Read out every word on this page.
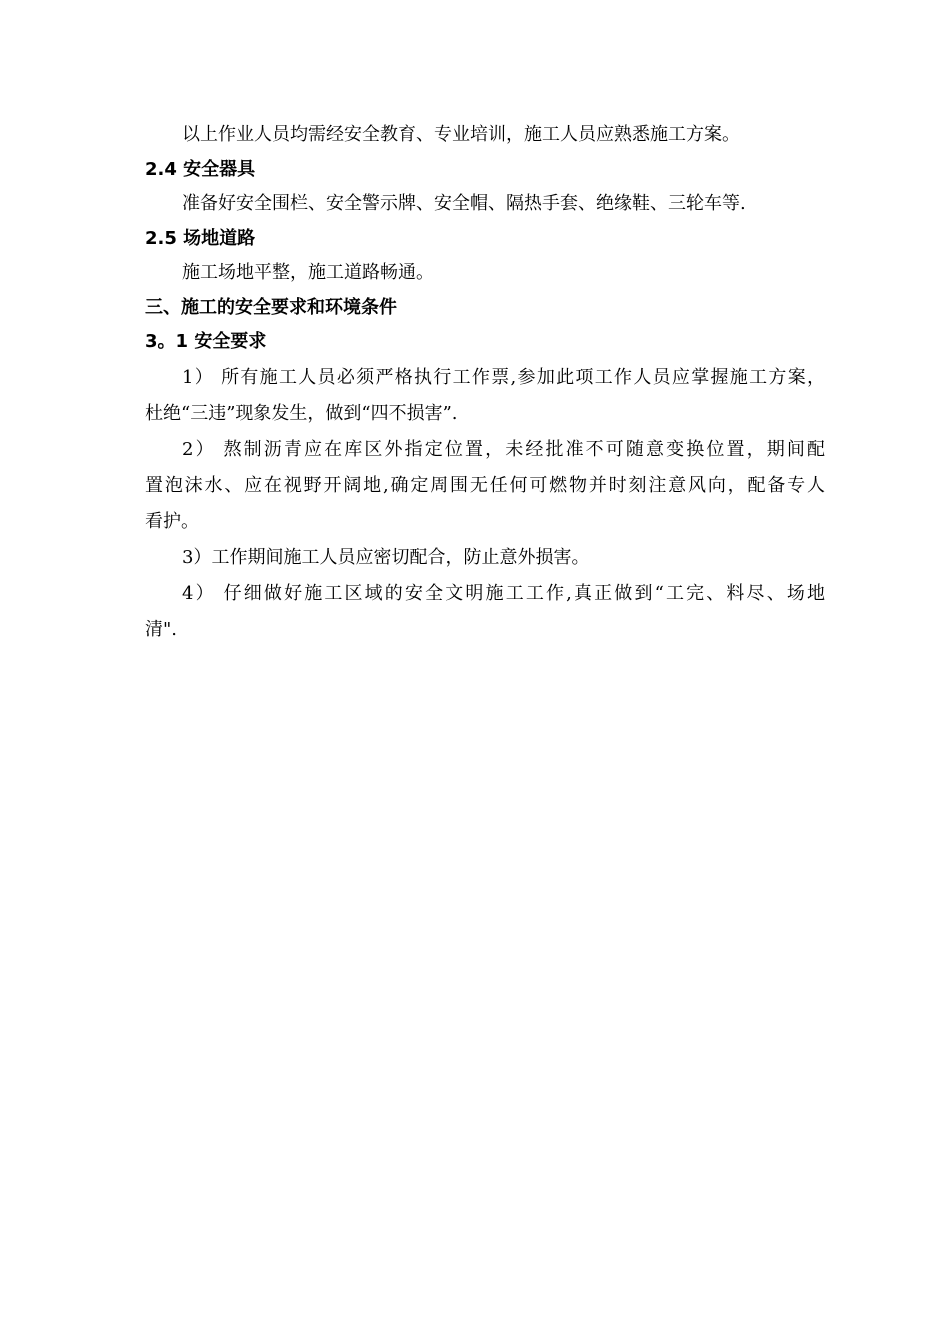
以上作业人员均需经安全教育、专业培训，施工人员应熟悉施工方案。
2.4 安全器具
准备好安全围栏、安全警示牌、安全帽、隔热手套、绝缘鞋、三轮车等.
2.5 场地道路
施工场地平整，施工道路畅通。
三、施工的安全要求和环境条件
3。1 安全要求
1） 所有施工人员必须严格执行工作票,参加此项工作人员应掌握施工方案，
杜绝“三违”现象发生，做到“四不损害”.
2） 熬制沥青应在库区外指定位置，未经批准不可随意变换位置，期间配
置泡沫水、应在视野开阔地,确定周围无任何可燃物并时刻注意风向，配备专人
看护。
3）工作期间施工人员应密切配合，防止意外损害。
4） 仔细做好施工区域的安全文明施工工作,真正做到“工完、料尽、场地
清".
